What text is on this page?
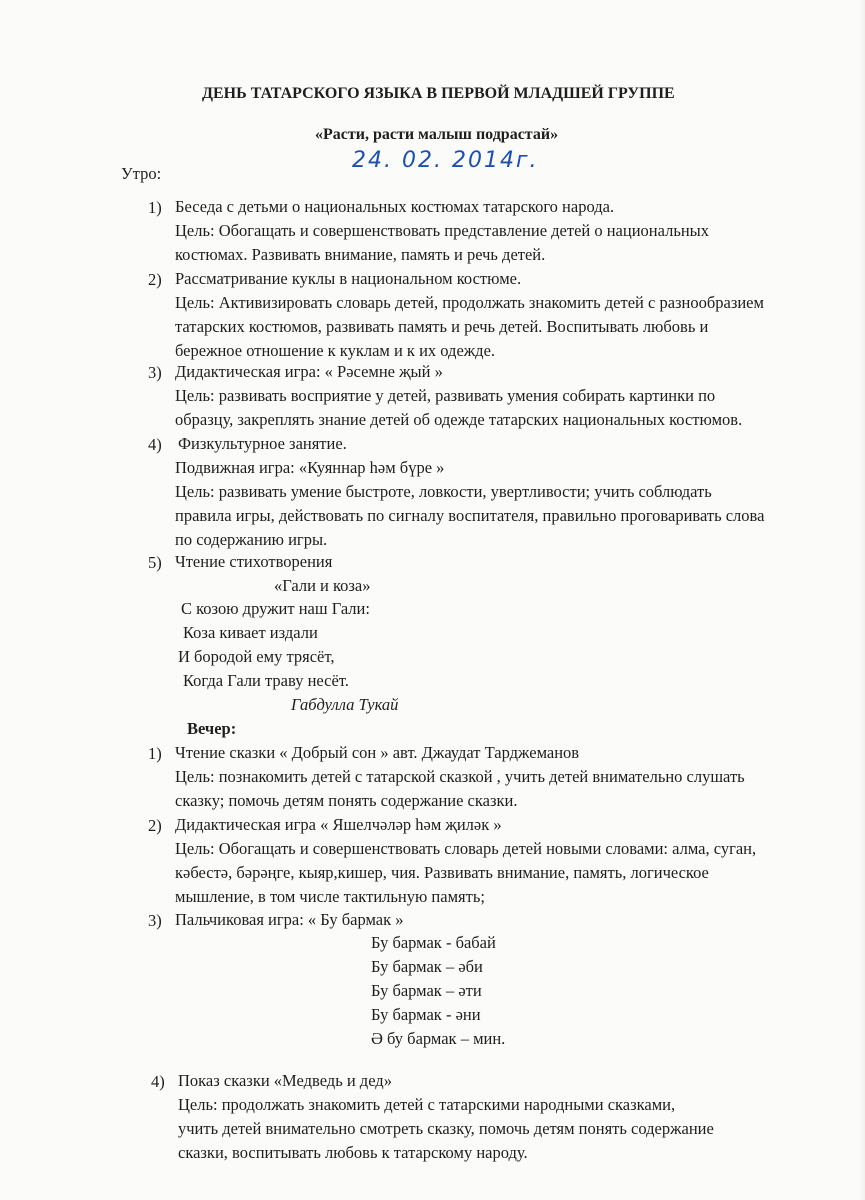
ДЕНЬ ТАТАРСКОГО ЯЗЫКА В ПЕРВОЙ МЛАДШЕЙ ГРУППЕ
«Расти, расти малыш подрастай»
24. 02. 2014г.
Утро:
1) Беседа с детьми о национальных костюмах татарского народа.
Цель: Обогащать и совершенствовать представление детей о национальных
костюмах. Развивать внимание, память и речь детей.
2) Рассматривание куклы в национальном костюме.
Цель: Активизировать словарь детей, продолжать знакомить детей с разнообразием
татарских костюмов, развивать память и речь детей. Воспитывать любовь и
бережное отношение к куклам и к их одежде.
3) Дидактическая игра: « Рәсемне җый »
Цель: развивать восприятие у детей, развивать умения собирать картинки по
образцу, закреплять знание детей об одежде татарских национальных костюмов.
4) Физкультурное занятие.
Подвижная игра: «Куяннар һәм бүре »
Цель: развивать умение быстроте, ловкости, увертливости; учить соблюдать
правила игры, действовать по сигналу воспитателя, правильно проговаривать слова
по содержанию игры.
5) Чтение стихотворения
«Гали и коза»
С козою дружит наш Гали:
Коза кивает издали
И бородой ему трясёт,
Когда Гали траву несёт.
Габдулла Тукай
Вечер:
1) Чтение сказки « Добрый сон » авт. Джаудат Тарджеманов
Цель: познакомить детей с татарской сказкой , учить детей внимательно слушать
сказку; помочь детям понять содержание сказки.
2) Дидактическая игра « Яшелчәләр һәм җиләк »
Цель: Обогащать и совершенствовать словарь детей новыми словами: алма, суган,
кәбестә, бәрәңге, кыяр,кишер, чия. Развивать внимание, память, логическое
мышление, в том числе тактильную память;
3) Пальчиковая игра: « Бу бармак »
Бу бармак - бабай
Бу бармак – әби
Бу бармак – әти
Бу бармак - әни
Ә бу бармак – мин.
4) Показ сказки «Медведь и дед»
Цель: продолжать знакомить детей с татарскими народными сказками,
учить детей внимательно смотреть сказку, помочь детям понять содержание
сказки, воспитывать любовь к татарскому народу.
